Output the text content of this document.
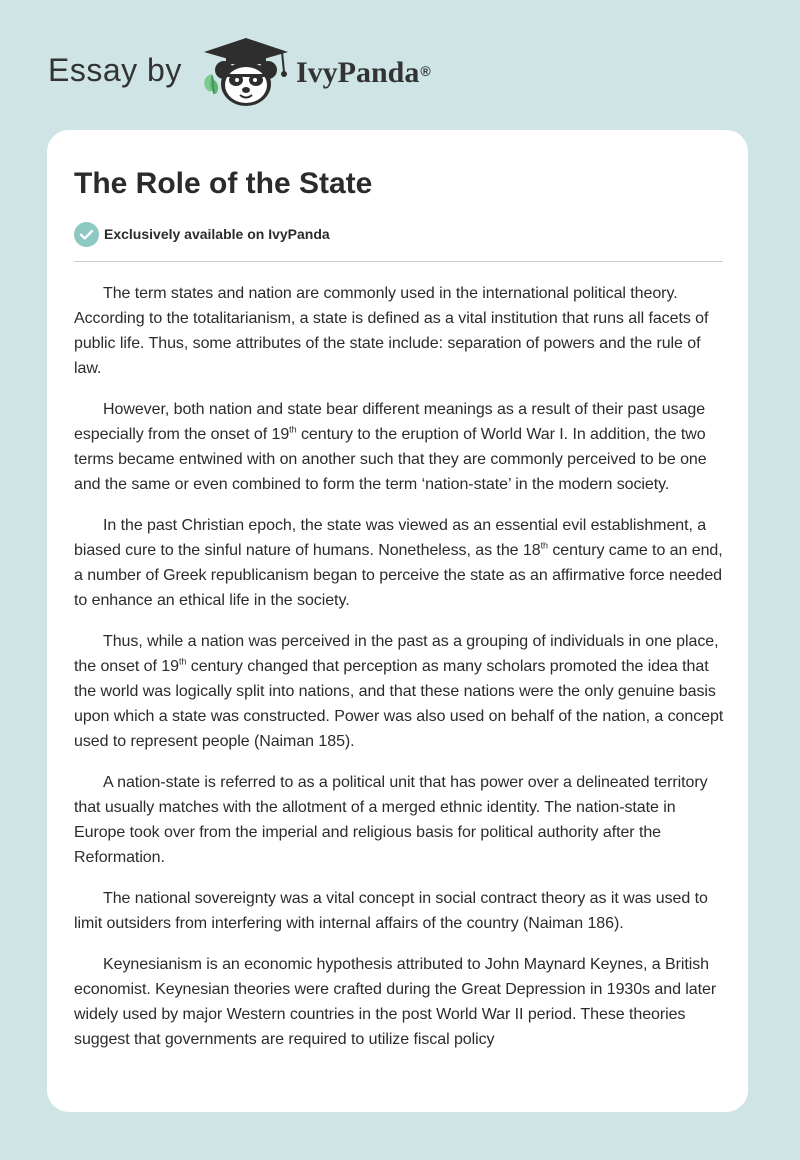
Essay by	IvyPanda®
The Role of the State
Exclusively available on IvyPanda

The term states and nation are commonly used in the international political theory. According to the totalitarianism, a state is defined as a vital institution that runs all facets of public life. Thus, some attributes of the state include: separation of powers and the rule of law.

However, both nation and state bear different meanings as a result of their past usage especially from the onset of 19th century to the eruption of World War I. In addition, the two terms became entwined with on another such that they are commonly perceived to be one and the same or even combined to form the term ‘nation-state’ in the modern society.

In the past Christian epoch, the state was viewed as an essential evil establishment, a biased cure to the sinful nature of humans. Nonetheless, as the 18th century came to an end, a number of Greek republicanism began to perceive the state as an affirmative force needed to enhance an ethical life in the society.

Thus, while a nation was perceived in the past as a grouping of individuals in one place, the onset of 19th century changed that perception as many scholars promoted the idea that the world was logically split into nations, and that these nations were the only genuine basis upon which a state was constructed. Power was also used on behalf of the nation, a concept used to represent people (Naiman 185).

A nation-state is referred to as a political unit that has power over a delineated territory that usually matches with the allotment of a merged ethnic identity. The nation-state in Europe took over from the imperial and religious basis for political authority after the Reformation.

The national sovereignty was a vital concept in social contract theory as it was used to limit outsiders from interfering with internal affairs of the country (Naiman 186).

Keynesianism is an economic hypothesis attributed to John Maynard Keynes, a British economist. Keynesian theories were crafted during the Great Depression in 1930s and later widely used by major Western countries in the post World War II period. These theories suggest that governments are required to utilize fiscal policy
